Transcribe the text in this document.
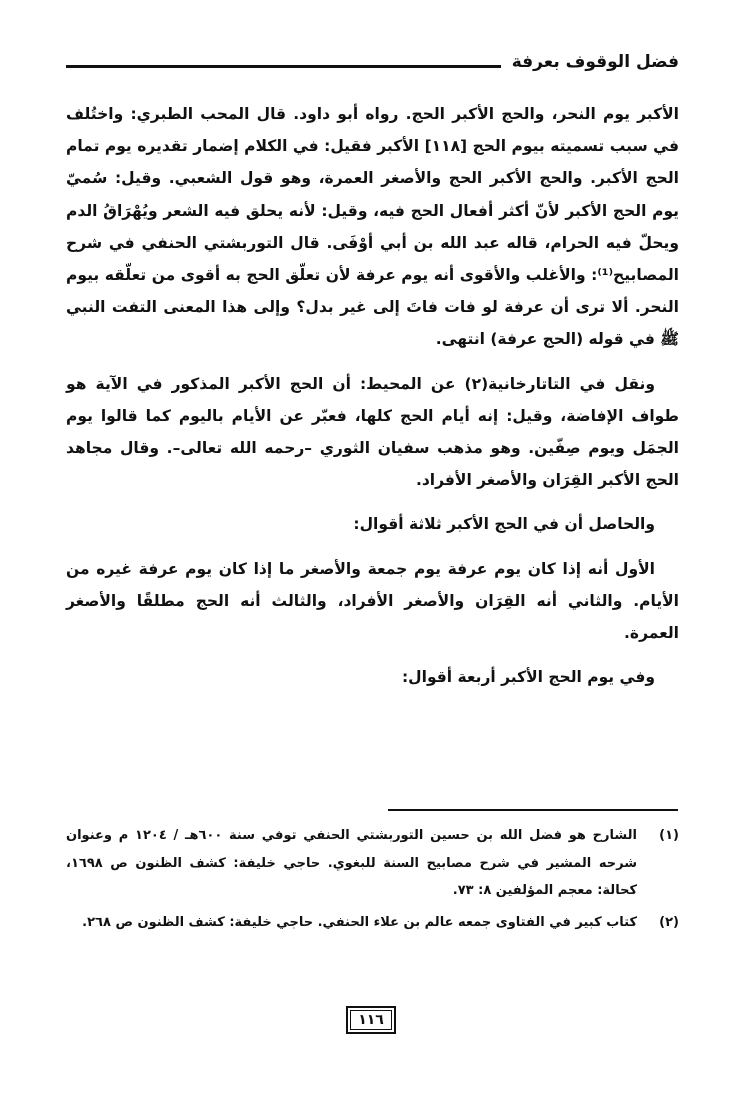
فضل الوقوف بعرفة

الأكبر يوم النحر، والحج الأكبر الحج. رواه أبو داود. قال المحب الطبري: واختُلف في سبب تسميته بيوم الحج [١١٨] الأكبر فقيل: في الكلام إضمار تقديره يوم تمام الحج الأكبر. والحج الأكبر الحج والأصغر العمرة، وهو قول الشعبي. وقيل: سُميّ يوم الحج الأكبر لأنّ أكثر أفعال الحج فيه، وقيل: لأنه يحلق فيه الشعر ويُهْرَاقُ الدم ويحلّ فيه الحرام، قاله عبد الله بن أبي أوْفَى. قال التوربشتي الحنفي في شرح المصابيح⁽¹⁾: والأغلب والأقوى أنه يوم عرفة لأن تعلّق الحج به أقوى من تعلّقه بيوم النحر. ألا ترى أن عرفة لو فات فاتَ إلى غير بدل؟ وإلى هذا المعنى التفت النبي ﷺ في قوله (الحج عرفة) انتهى.

ونقل في التاتارخانية(٢) عن المحيط: أن الحج الأكبر المذكور في الآية هو طواف الإفاضة، وقيل: إنه أيام الحج كلها، فعبّر عن الأيام باليوم كما قالوا يوم الجمَل ويوم صِفّين. وهو مذهب سفيان الثوري –رحمه الله تعالى–. وقال مجاهد الحج الأكبر القِرَان والأصغر الأفراد.

والحاصل أن في الحج الأكبر ثلاثة أقوال:

الأول أنه إذا كان يوم عرفة يوم جمعة والأصغر ما إذا كان يوم عرفة غيره من الأيام. والثاني أنه القِرَان والأصغر الأفراد، والثالث أنه الحج مطلقًا والأصغر العمرة.

وفي يوم الحج الأكبر أربعة أقوال:

(١)
الشارح هو فضل الله بن حسين التوربشتي الحنفي توفي سنة ٦٠٠هـ / ١٢٠٤ م وعنوان شرحه المشير في شرح مصابيح السنة للبغوي. حاجي خليفة: كشف الظنون ص ١٦٩٨، كحالة: معجم المؤلفين ٨: ٧٣.

(٢)
كتاب كبير في الفتاوى جمعه عالم بن علاء الحنفي. حاجي خليفة: كشف الظنون ص ٢٦٨.

١١٦
